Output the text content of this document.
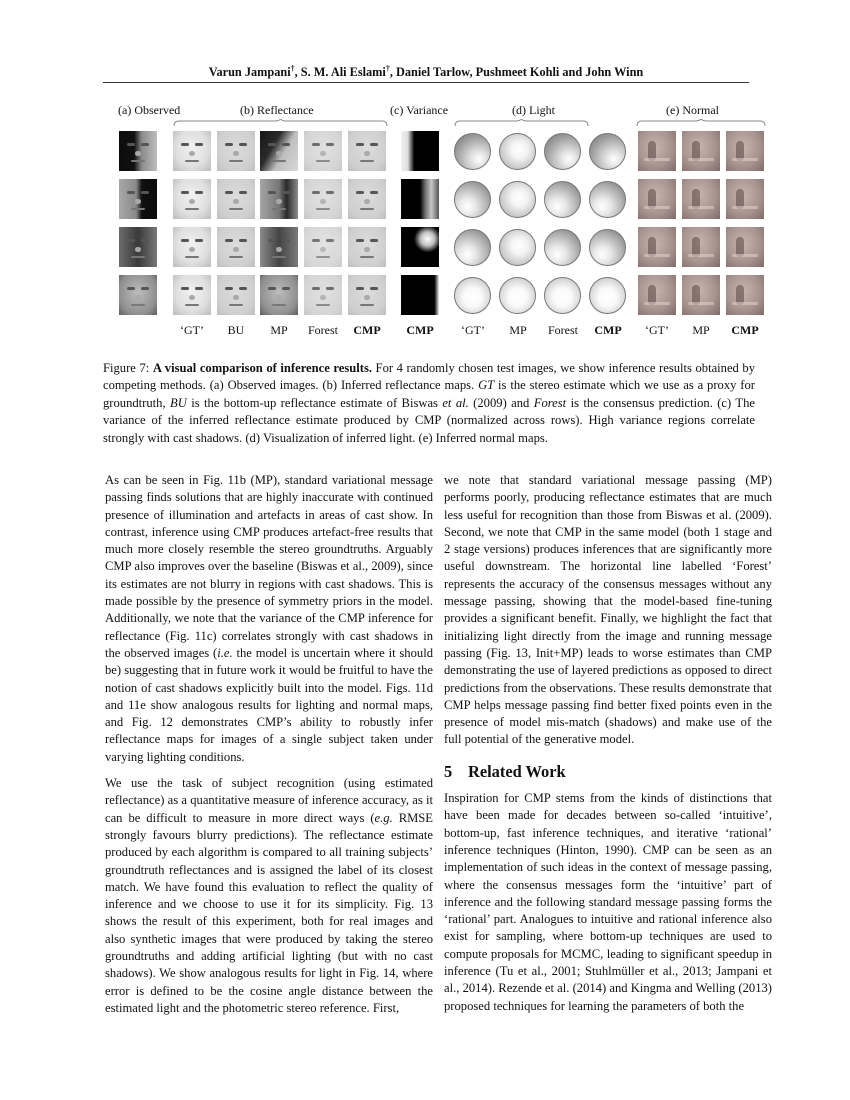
Varun Jampani†, S. M. Ali Eslami†, Daniel Tarlow, Pushmeet Kohli and John Winn
(a) Observed	(b) Reflectance	(c) Variance	(d) Light	(e) Normal
‘GT’	BU	MP	Forest	CMP	CMP	‘GT’	MP	Forest	CMP	‘GT’	MP	CMP
Figure 7: A visual comparison of inference results. For 4 randomly chosen test images, we show inference results obtained by competing methods. (a) Observed images. (b) Inferred reflectance maps. GT is the stereo estimate which we use as a proxy for groundtruth, BU is the bottom-up reflectance estimate of Biswas et al. (2009) and Forest is the consensus prediction. (c) The variance of the inferred reflectance estimate produced by CMP (normalized across rows). High variance regions correlate strongly with cast shadows. (d) Visualization of inferred light. (e) Inferred normal maps.

As can be seen in Fig. 11b (MP), standard variational message passing finds solutions that are highly inaccurate with continued presence of illumination and artefacts in areas of cast show. In contrast, inference using CMP produces artefact-free results that much more closely resemble the stereo groundtruths. Arguably CMP also improves over the baseline (Biswas et al., 2009), since its estimates are not blurry in regions with cast shadows. This is made possible by the presence of symmetry priors in the model. Additionally, we note that the variance of the CMP inference for reflectance (Fig. 11c) correlates strongly with cast shadows in the observed images (i.e. the model is uncertain where it should be) suggesting that in future work it would be fruitful to have the notion of cast shadows explicitly built into the model. Figs. 11d and 11e show analogous results for lighting and normal maps, and Fig. 12 demonstrates CMP’s ability to robustly infer reflectance maps for images of a single subject taken under varying lighting conditions.

We use the task of subject recognition (using estimated reflectance) as a quantitative measure of inference accuracy, as it can be difficult to measure in more direct ways (e.g. RMSE strongly favours blurry predictions). The reflectance estimate produced by each algorithm is compared to all training subjects’ groundtruth reflectances and is assigned the label of its closest match. We have found this evaluation to reflect the quality of inference and we choose to use it for its simplicity. Fig. 13 shows the result of this experiment, both for real images and also synthetic images that were produced by taking the stereo groundtruths and adding artificial lighting (but with no cast shadows). We show analogous results for light in Fig. 14, where error is defined to be the cosine angle distance between the estimated light and the photometric stereo reference. First,

we note that standard variational message passing (MP) performs poorly, producing reflectance estimates that are much less useful for recognition than those from Biswas et al. (2009). Second, we note that CMP in the same model (both 1 stage and 2 stage versions) produces inferences that are significantly more useful downstream. The horizontal line labelled ‘Forest’ represents the accuracy of the consensus messages without any message passing, showing that the model-based fine-tuning provides a significant benefit. Finally, we highlight the fact that initializing light directly from the image and running message passing (Fig. 13, Init+MP) leads to worse estimates than CMP demonstrating the use of layered predictions as opposed to direct predictions from the observations. These results demonstrate that CMP helps message passing find better fixed points even in the presence of model mis-match (shadows) and make use of the full potential of the generative model.

5 Related Work

Inspiration for CMP stems from the kinds of distinctions that have been made for decades between so-called ‘intuitive’, bottom-up, fast inference techniques, and iterative ‘rational’ inference techniques (Hinton, 1990). CMP can be seen as an implementation of such ideas in the context of message passing, where the consensus messages form the ‘intuitive’ part of inference and the following standard message passing forms the ‘rational’ part. Analogues to intuitive and rational inference also exist for sampling, where bottom-up techniques are used to compute proposals for MCMC, leading to significant speedup in inference (Tu et al., 2001; Stuhlmüller et al., 2013; Jampani et al., 2014). Rezende et al. (2014) and Kingma and Welling (2013) proposed techniques for learning the parameters of both the
